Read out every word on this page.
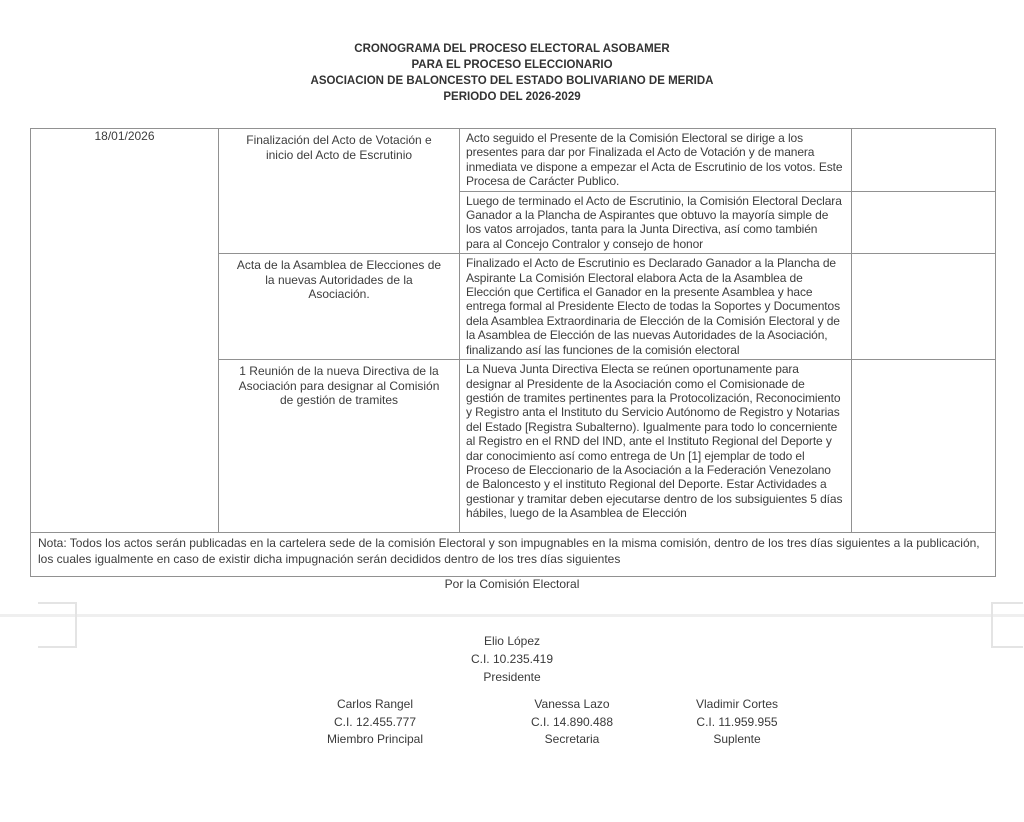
CRONOGRAMA DEL PROCESO ELECTORAL ASOBAMER
PARA EL PROCESO ELECCIONARIO
ASOCIACION DE BALONCESTO DEL ESTADO BOLIVARIANO DE MERIDA
PERIODO DEL 2026-2029
18/01/2026	Finalización del Acto de Votación e inicio del Acto de Escrutinio	Acto seguido el Presente de la Comisión Electoral se dirige a los presentes para dar por Finalizada el Acto de Votación y de manera inmediata ve dispone a empezar el Acta de Escrutinio de los votos. Este Procesa de Carácter Publico.	
		Luego de terminado el Acto de Escrutinio, la Comisión Electoral Declara Ganador a la Plancha de Aspirantes que obtuvo la mayoría simple de los vatos arrojados, tanta para la Junta Directiva, así como también para al Concejo Contralor y consejo de honor	
	Acta de la Asamblea de Elecciones de la nuevas Autoridades de la Asociación.	Finalizado el Acto de Escrutinio es Declarado Ganador a la Plancha de Aspirante La Comisión Electoral elabora Acta de la Asamblea de Elección que Certifica el Ganador en la presente Asamblea y hace entrega formal al Presidente Electo de todas la Soportes y Documentos dela Asamblea Extraordinaria de Elección de la Comisión Electoral y de la Asamblea de Elección de las nuevas Autoridades de la Asociación, finalizando así las funciones de la comisión electoral	
	1 Reunión de la nueva Directiva de la Asociación para designar al Comisión de gestión de tramites	La Nueva Junta Directiva Electa se reúnen oportunamente para designar al Presidente de la Asociación como el Comisionade de gestión de tramites pertinentes para la Protocolización, Reconocimiento y Registro anta el Instituto du Servicio Autónomo de Registro y Notarias del Estado [Registra Subalterno). Igualmente para todo lo concerniente al Registro en el RND del IND, ante el Instituto Regional del Deporte y dar conocimiento así como entrega de Un [1] ejemplar de todo el Proceso de Eleccionario de la Asociación a la Federación Venezolano de Baloncesto y el instituto Regional del Deporte. Estar Actividades a gestionar y tramitar deben ejecutarse dentro de los subsiguientes 5 días hábiles, luego de la Asamblea de Elección	
Nota: Todos los actos serán publicadas en la cartelera sede de la comisión Electoral y son impugnables en la misma comisión, dentro de los tres días siguientes a la publicación, los cuales igualmente en caso de existir dicha impugnación serán decididos dentro de los tres días siguientes			
Por la Comisión Electoral
Elio López
C.I. 10.235.419
Presidente
Carlos Rangel
C.I. 12.455.777
Miembro Principal
Vanessa Lazo
C.I. 14.890.488
Secretaria
Vladimir Cortes
C.I. 11.959.955
Suplente
